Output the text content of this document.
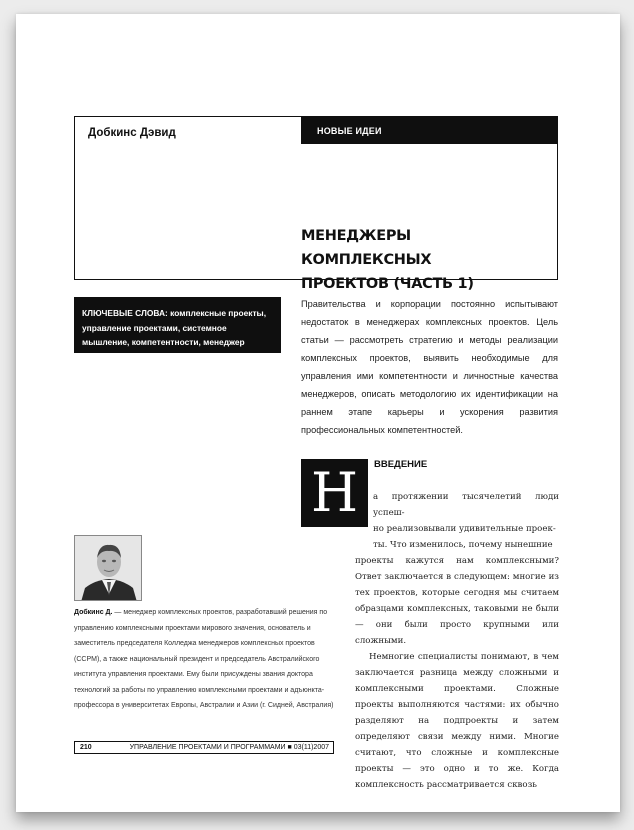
Добкинс Дэвид	НОВЫЕ ИДЕИ
МЕНЕДЖЕРЫ КОМПЛЕКСНЫХ
ПРОЕКТОВ (ЧАСТЬ 1)
КЛЮЧЕВЫЕ СЛОВА: комплексные проекты, управление проектами, системное мышление, компетентности, менеджер комплексных проектов
Правительства и корпорации постоянно испытывают недостаток в менеджерах комплексных проектов. Цель статьи — рассмотреть стратегию и методы реализации комплексных проектов, выявить необходимые для управления ими компетентности и личностные качества менеджеров, описать методологию их идентификации на раннем этапе карьеры и ускорения развития профессиональных компетентностей.
Н	ВВЕДЕНИЕ
а протяжении тысячелетий люди успеш-
но реализовывали удивительные проек-
ты. Что изменилось, почему нынешние

проекты кажутся нам комплексными? Ответ заключается в следующем: многие из тех проектов, которые сегодня мы считаем образцами комплексных, таковыми не были — они были просто крупными или сложными.

Немногие специалисты понимают, в чем заключается разница между сложными и комплексными проектами. Сложные проекты выполняются частями: их обычно разделяют на подпроекты и затем определяют связи между ними. Многие считают, что сложные и комплексные проекты — это одно и то же. Когда комплексность рассматривается сквозь

Добкинс Д. — менеджер комплексных проектов, разработавший решения по управлению комплексными проектами мирового значения, основатель и заместитель председателя Колледжа менеджеров комплексных проектов (CCPM), а также национальный президент и председатель Австралийского института управления проектами. Ему были присуждены звания доктора технологий за работы по управлению комплексными проектами и адъюнкта-профессора в университетах Европы, Австралии и Азии (г. Сидней, Австралия)
210	УПРАВЛЕНИЕ ПРОЕКТАМИ И ПРОГРАММАМИ ■ 03(11)2007
